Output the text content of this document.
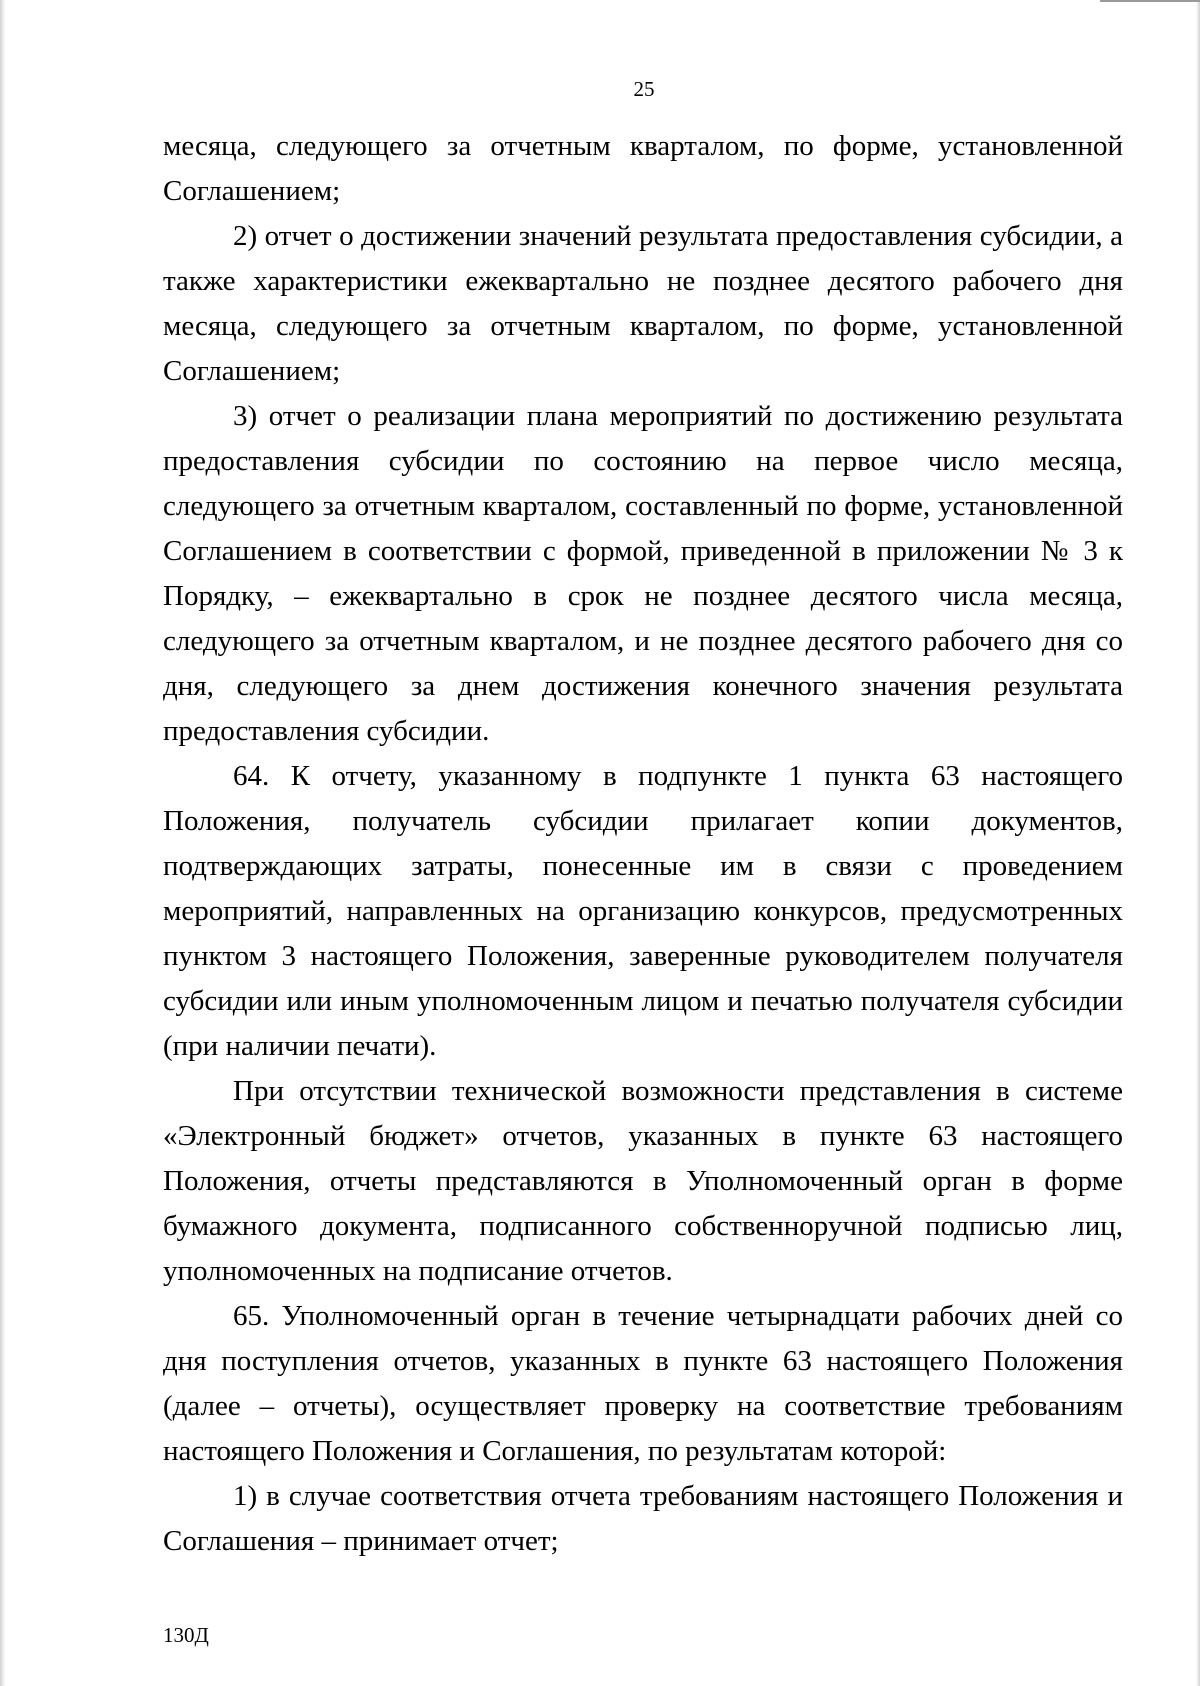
25

месяца, следующего за отчетным кварталом, по форме, установленной Соглашением;

2) отчет о достижении значений результата предоставления субсидии, а также характеристики ежеквартально не позднее десятого рабочего дня месяца, следующего за отчетным кварталом, по форме, установленной Соглашением;

3) отчет о реализации плана мероприятий по достижению результата предоставления субсидии по состоянию на первое число месяца, следующего за отчетным кварталом, составленный по форме, установленной Соглашением в соответствии с формой, приведенной в приложении № 3 к Порядку, – ежеквартально в срок не позднее десятого числа месяца, следующего за отчетным кварталом, и не позднее десятого рабочего дня со дня, следующего за днем достижения конечного значения результата предоставления субсидии.

64. К отчету, указанному в подпункте 1 пункта 63 настоящего Положения, получатель субсидии прилагает копии документов, подтверждающих затраты, понесенные им в связи с проведением мероприятий, направленных на организацию конкурсов, предусмотренных пунктом 3 настоящего Положения, заверенные руководителем получателя субсидии или иным уполномоченным лицом и печатью получателя субсидии (при наличии печати).

При отсутствии технической возможности представления в системе «Электронный бюджет» отчетов, указанных в пункте 63 настоящего Положения, отчеты представляются в Уполномоченный орган в форме бумажного документа, подписанного собственноручной подписью лиц, уполномоченных на подписание отчетов.

65. Уполномоченный орган в течение четырнадцати рабочих дней со дня поступления отчетов, указанных в пункте 63 настоящего Положения (далее – отчеты), осуществляет проверку на соответствие требованиям настоящего Положения и Соглашения, по результатам которой:

1) в случае соответствия отчета требованиям настоящего Положения и Соглашения – принимает отчет;

130Д
